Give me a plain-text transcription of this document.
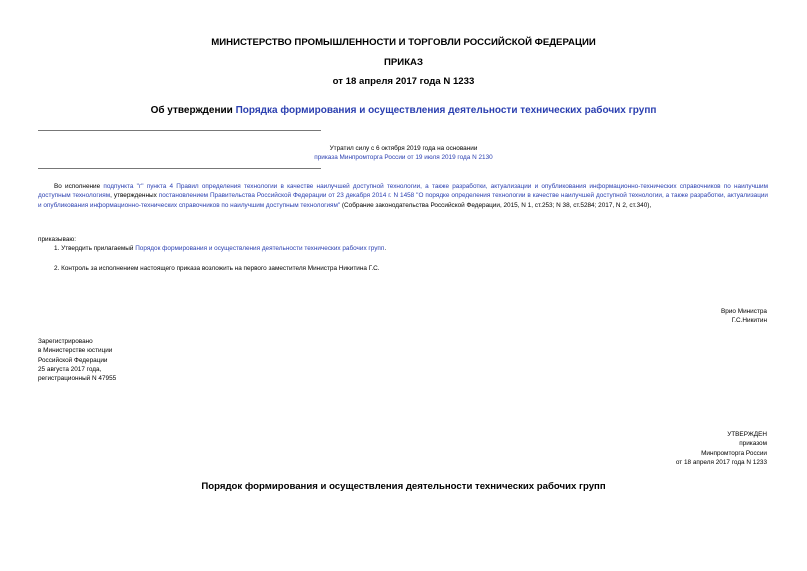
МИНИСТЕРСТВО ПРОМЫШЛЕННОСТИ И ТОРГОВЛИ РОССИЙСКОЙ ФЕДЕРАЦИИ
ПРИКАЗ
от 18 апреля 2017 года N 1233
Об утверждении Порядка формирования и осуществления деятельности технических рабочих групп
Утратил силу с 6 октября 2019 года на основании
приказа Минпромторга России от 19 июля 2019 года N 2130
Во исполнение подпункта "г" пункта 4 Правил определения технологии в качестве наилучшей доступной технологии, а также разработки, актуализации и опубликования информационно-технических справочников по наилучшим доступным технологиям, утвержденных постановлением Правительства Российской Федерации от 23 декабря 2014 г. N 1458 "О порядке определения технологии в качестве наилучшей доступной технологии, а также разработки, актуализации и опубликования информационно-технических справочников по наилучшим доступным технологиям" (Собрание законодательства Российской Федерации, 2015, N 1, ст.253; N 38, ст.5284; 2017, N 2, ст.340),
приказываю:
1. Утвердить прилагаемый Порядок формирования и осуществления деятельности технических рабочих групп.
2. Контроль за исполнением настоящего приказа возложить на первого заместителя Министра Никитина Г.С.
Врио Министра
Г.С.Никитин
Зарегистрировано
в Министерстве юстиции
Российской Федерации
25 августа 2017 года,
регистрационный N 47955
УТВЕРЖДЕН
приказом
Минпромторга России
от 18 апреля 2017 года N 1233
Порядок формирования и осуществления деятельности технических рабочих групп
